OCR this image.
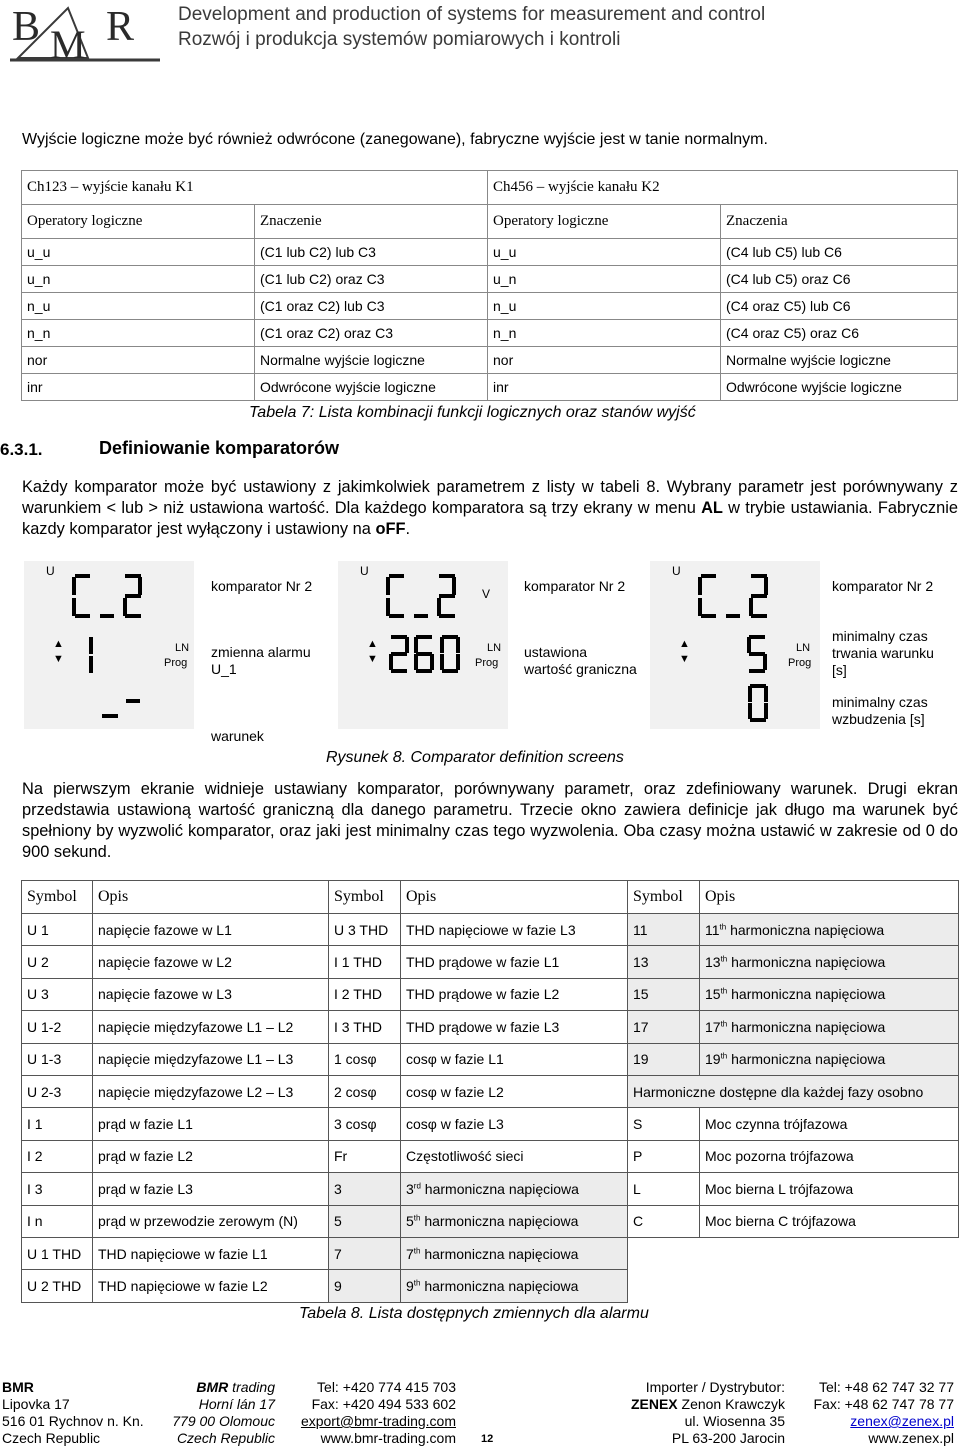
B M R Development and production of systems for measurement and control
Rozwój i produkcja systemów pomiarowych i kontroli
Wyjście logiczne może być również odwrócone (zanegowane), fabryczne wyjście jest w tanie normalnym.
Ch123 – wyjście kanału K1		Ch456 – wyjście kanału K2	
Operatory logiczne	Znaczenie	Operatory logiczne	Znaczenia
u_u	(C1 lub C2) lub C3	u_u	(C4 lub C5) lub C6
u_n	(C1 lub C2) oraz C3	u_n	(C4 lub C5) oraz C6
n_u	(C1 oraz C2) lub C3	n_u	(C4 oraz C5) lub C6
n_n	(C1 oraz C2) oraz C3	n_n	(C4 oraz C5) oraz C6
nor	Normalne wyjście logiczne	nor	Normalne wyjście logiczne
inr	Odwrócone wyjście logiczne	inr	Odwrócone wyjście logiczne
Tabela 7: Lista kombinacji funkcji logicznych oraz stanów wyjść
6.3.1.	Definiowanie komparatorów
Każdy komparator może być ustawiony z jakimkolwiek parametrem z listy w tabeli 8. Wybrany parametr jest porównywany z warunkiem < lub > niż ustawiona wartość. Dla każdego komparatora są trzy ekrany w menu AL w trybie ustawiania. Fabrycznie kazdy komparator jest wyłączony i ustawiony na oFF.
U
▲
▼
LN
Prog
komparator Nr 2
zmienna alarmu
U_1
warunek
U
V
▲
▼
LN
Prog
komparator Nr 2
ustawiona
wartość graniczna
U
▲
▼
LN
Prog
komparator Nr 2
minimalny czas
trwania warunku
[s]
minimalny czas
wzbudzenia [s]
Rysunek 8. Comparator definition screens
Na pierwszym ekranie widnieje ustawiany komparator, porównywany parametr, oraz zdefiniowany warunek. Drugi ekran przedstawia ustawioną wartość graniczną dla danego parametru. Trzecie okno zawiera definicje jak długo ma warunek być spełniony by wyzwolić komparator, oraz jaki jest minimalny czas tego wyzwolenia. Oba czasy można ustawić w zakresie od 0 do 900 sekund.
Symbol	Opis	Symbol	Opis	Symbol	Opis
U 1	napięcie fazowe w L1	U 3 THD	THD napięciowe w fazie L3	11	11th harmoniczna napięciowa
U 2	napięcie fazowe w L2	I 1 THD	THD prądowe w fazie L1	13	13th harmoniczna napięciowa
U 3	napięcie fazowe w L3	I 2 THD	THD prądowe w fazie L2	15	15th harmoniczna napięciowa
U 1-2	napięcie międzyfazowe L1 – L2	I 3 THD	THD prądowe w fazie L3	17	17th harmoniczna napięciowa
U 1-3	napięcie międzyfazowe L1 – L3	1 cosφ	cosφ w fazie L1	19	19th harmoniczna napięciowa
U 2-3	napięcie międzyfazowe L2 – L3	2 cosφ	cosφ w fazie L2	Harmoniczne dostępne dla każdej fazy osobno	
I 1	prąd w fazie L1	3 cosφ	cosφ w fazie L3	S	Moc czynna trójfazowa
I 2	prąd w fazie L2	Fr	Częstotliwość sieci	P	Moc pozorna trójfazowa
I 3	prąd w fazie L3	3	3rd harmoniczna napięciowa	L	Moc bierna L trójfazowa
I n	prąd w przewodzie zerowym (N)	5	5th harmoniczna napięciowa	C	Moc bierna C trójfazowa
U 1 THD	THD napięciowe w fazie L1	7	7th harmoniczna napięciowa		
U 2 THD	THD napięciowe w fazie L2	9	9th harmoniczna napięciowa		
Tabela 8. Lista dostępnych zmiennych dla alarmu
BMR
Lipovka 17
516 01 Rychnov n. Kn.
Czech Republic
BMR trading
Horní lán 17
779 00 Olomouc
Czech Republic
Tel: +420 774 415 703
Fax: +420 494 533 602
export@bmr-trading.com
www.bmr-trading.com 12
Importer / Dystrybutor:
ZENEX Zenon Krawczyk
ul. Wiosenna 35
PL 63-200 Jarocin
Tel: +48 62 747 32 77
Fax: +48 62 747 78 77
zenex@zenex.pl
www.zenex.pl
